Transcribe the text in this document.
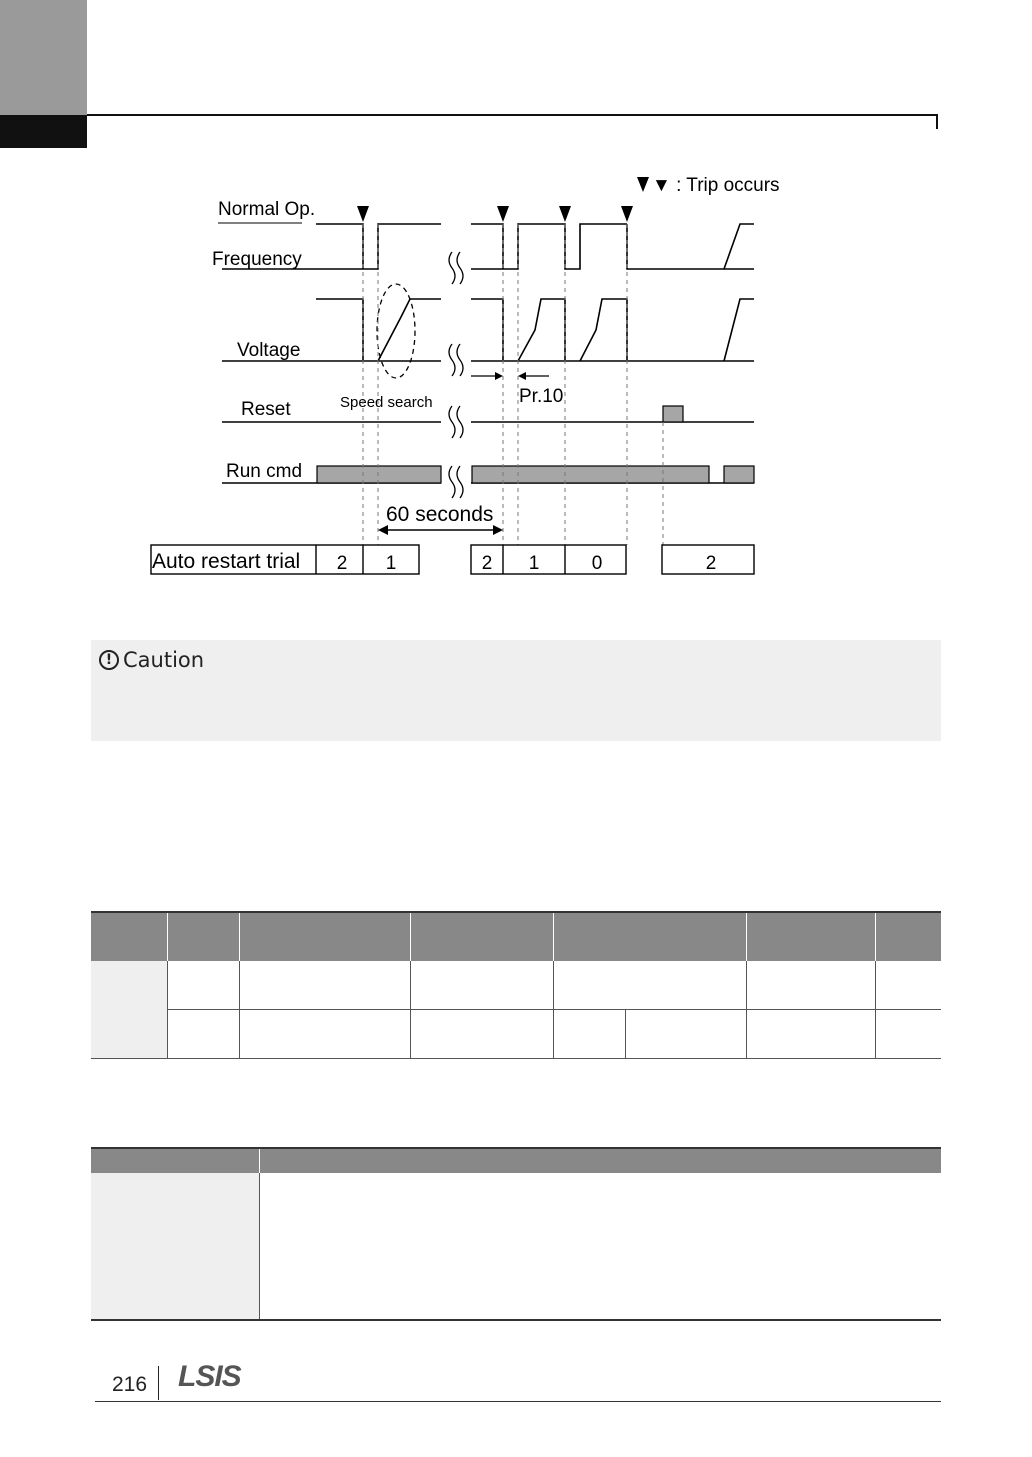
▼ : Trip occurs
Normal Op.
Frequency
Voltage
Reset
Run cmd
Speed search	Pr.10
60 seconds
Auto restart trial 2 1	2 1	0	2
! Caution

216 LSIS
